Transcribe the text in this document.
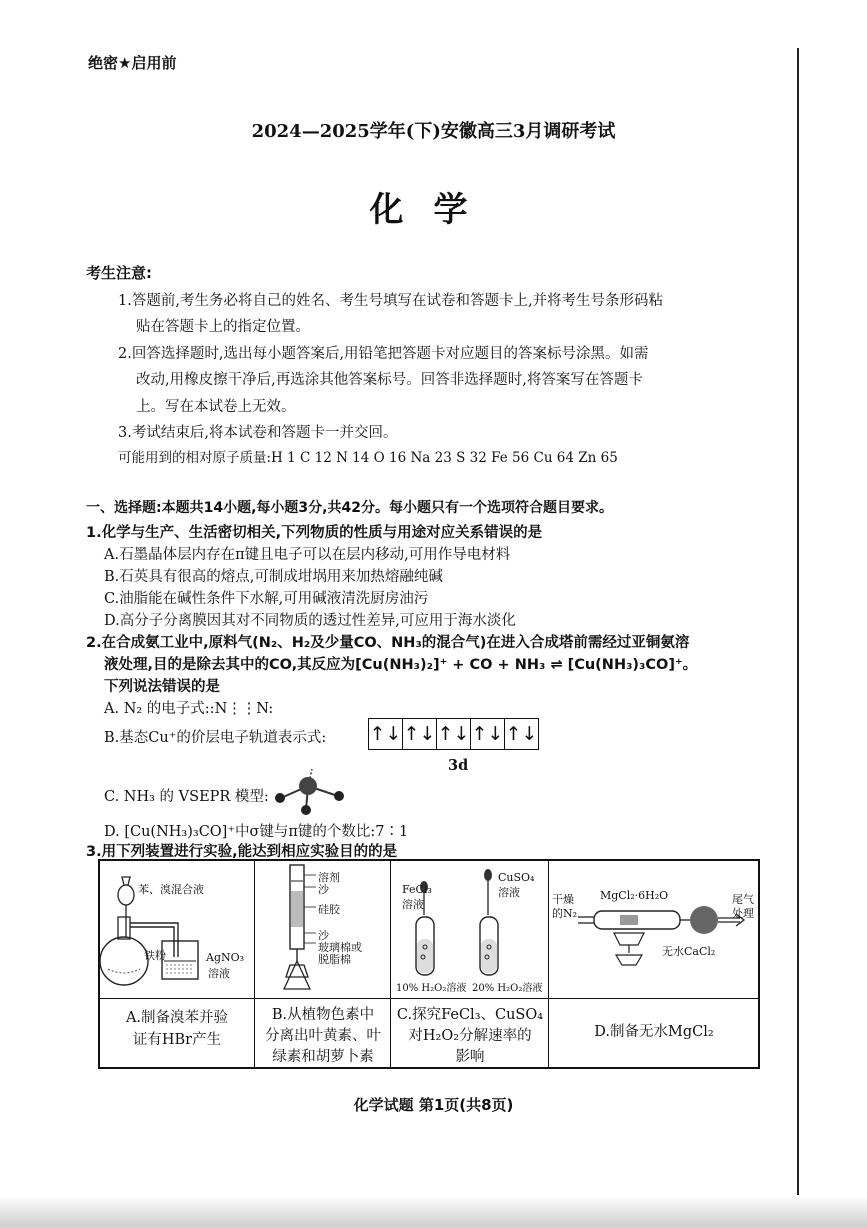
绝密★启用前
2024—2025学年(下)安徽高三3月调研考试
化学
考生注意:
1.答题前,考生务必将自己的姓名、考生号填写在试卷和答题卡上,并将考生号条形码粘
贴在答题卡上的指定位置。
2.回答选择题时,选出每小题答案后,用铅笔把答题卡对应题目的答案标号涂黑。如需
改动,用橡皮擦干净后,再选涂其他答案标号。回答非选择题时,将答案写在答题卡
上。写在本试卷上无效。
3.考试结束后,将本试卷和答题卡一并交回。
可能用到的相对原子质量:H 1 C 12 N 14 O 16 Na 23 S 32 Fe 56 Cu 64 Zn 65
一、选择题:本题共14小题,每小题3分,共42分。每小题只有一个选项符合题目要求。
1.化学与生产、生活密切相关,下列物质的性质与用途对应关系错误的是
A.石墨晶体层内存在π键且电子可以在层内移动,可用作导电材料
B.石英具有很高的熔点,可制成坩埚用来加热熔融纯碱
C.油脂能在碱性条件下水解,可用碱液清洗厨房油污
D.高分子分离膜因其对不同物质的透过性差异,可应用于海水淡化
2.在合成氨工业中,原料气(N₂、H₂及少量CO、NH₃的混合气)在进入合成塔前需经过亚铜氨溶
液处理,目的是除去其中的CO,其反应为[Cu(NH₃)₂]⁺ + CO + NH₃ ⇌ [Cu(NH₃)₃CO]⁺。
下列说法错误的是
A. N₂ 的电子式::N⋮⋮N:
B.基态Cu⁺的价层电子轨道表示式: ↑↓ ↑↓ ↑↓ ↑↓ ↑↓
3d
C. NH₃ 的 VSEPR 模型:
D. [Cu(NH₃)₃CO]⁺中σ键与π键的个数比:7∶1
3.用下列装置进行实验,能达到相应实验目的的是
苯、溴混合液
铁粉	AgNO₃
溶液
A.制备溴苯并验
证有HBr产生
溶剂
沙
硅胶
沙
玻璃棉或
脱脂棉
B.从植物色素中
分离出叶黄素、叶
绿素和胡萝卜素
FeCl₃
溶液
CuSO₄
溶液
10% H₂O₂溶液 20% H₂O₂溶液
C.探究FeCl₃、CuSO₄
对H₂O₂分解速率的
影响
干燥
的N₂
MgCl₂·6H₂O
无水CaCl₂
尾气
处理
D.制备无水MgCl₂
化学试题 第1页(共8页)
